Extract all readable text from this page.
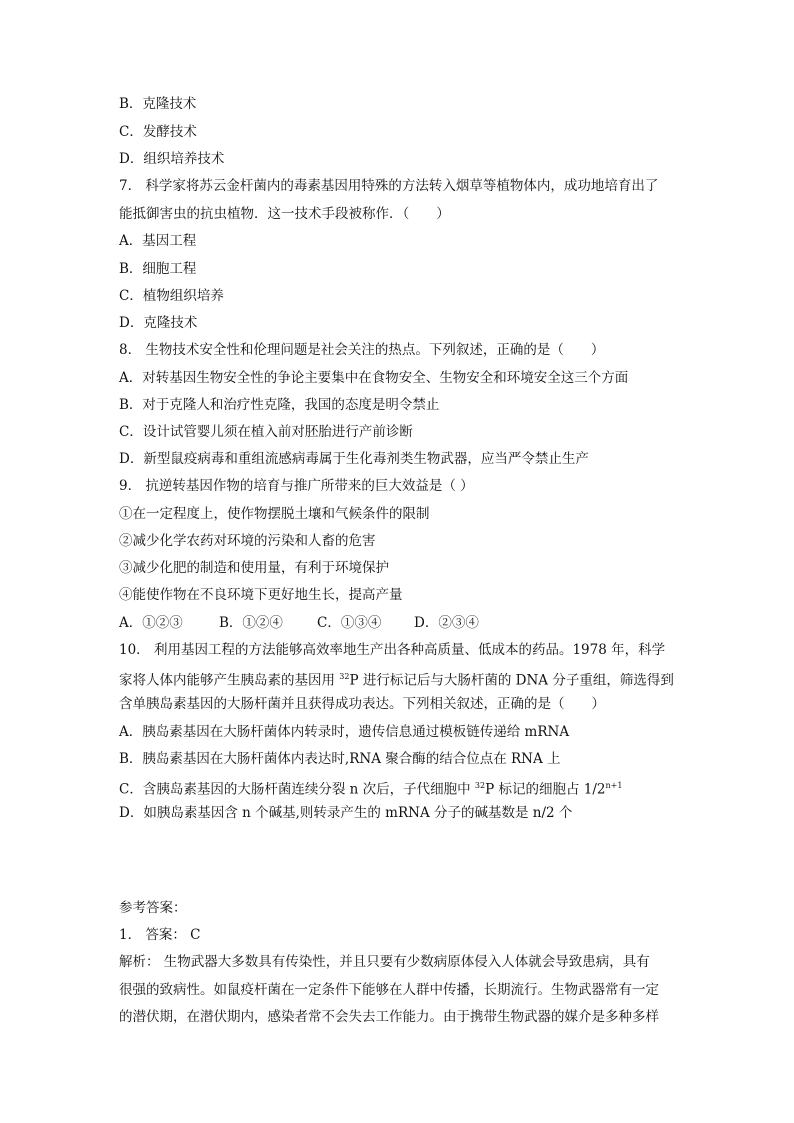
B．克隆技术
C．发酵技术
D．组织培养技术
7． 科学家将苏云金杆菌内的毒素基因用特殊的方法转入烟草等植物体内，成功地培育出了
能抵御害虫的抗虫植物．这一技术手段被称作．（　　）
A．基因工程
B．细胞工程
C．植物组织培养
D．克隆技术
8． 生物技术安全性和伦理问题是社会关注的热点。下列叙述，正确的是（　　）
A．对转基因生物安全性的争论主要集中在食物安全、生物安全和环境安全这三个方面
B．对于克隆人和治疗性克隆，我国的态度是明令禁止
C．设计试管婴儿须在植入前对胚胎进行产前诊断
D．新型鼠疫病毒和重组流感病毒属于生化毒剂类生物武器，应当严令禁止生产
9． 抗逆转基因作物的培育与推广所带来的巨大效益是（ ）
①在一定程度上，使作物摆脱土壤和气候条件的限制
②减少化学农药对环境的污染和人畜的危害
③减少化肥的制造和使用量，有利于环境保护
④能使作物在不良环境下更好地生长，提高产量
A．①②③	B．①②④	C．①③④ D．②③④
10． 利用基因工程的方法能够高效率地生产出各种高质量、低成本的药品。1978 年，科学
家将人体内能够产生胰岛素的基因用 $^{32}$P 进行标记后与大肠杆菌的 DNA 分子重组，筛选得到
含单胰岛素基因的大肠杆菌并且获得成功表达。下列相关叙述，正确的是（　　）
A．胰岛素基因在大肠杆菌体内转录时，遗传信息通过模板链传递给 mRNA
B．胰岛素基因在大肠杆菌体内表达时,RNA 聚合酶的结合位点在 RNA 上
C．含胰岛素基因的大肠杆菌连续分裂 n 次后，子代细胞中 $^{32}$P 标记的细胞占 $1/2^{n+1}$
D．如胰岛素基因含 n 个碱基,则转录产生的 mRNA 分子的碱基数是 n/2 个
参考答案：
1． 答案： C
解析： 生物武器大多数具有传染性，并且只要有少数病原体侵入人体就会导致患病，具有
很强的致病性。如鼠疫杆菌在一定条件下能够在人群中传播，长期流行。生物武器常有一定
的潜伏期，在潜伏期内，感染者常不会失去工作能力。由于携带生物武器的媒介是多种多样
